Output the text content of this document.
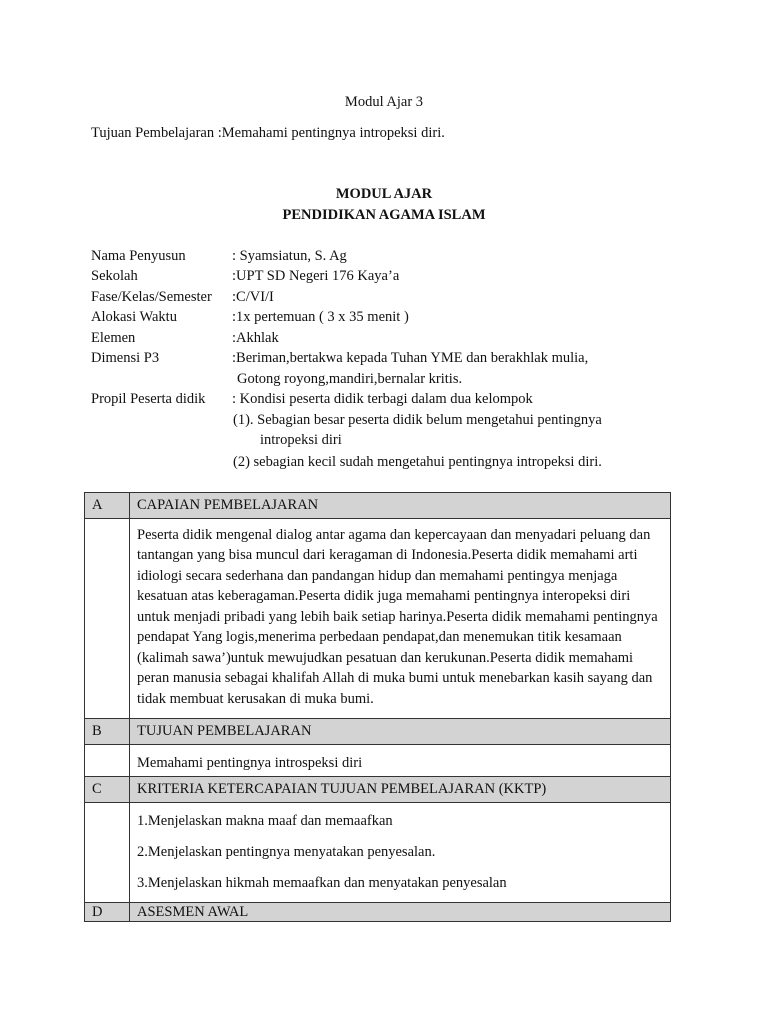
Modul Ajar 3
Tujuan Pembelajaran :Memahami pentingnya intropeksi diri.
MODUL AJAR
PENDIDIKAN AGAMA ISLAM
Nama Penyusun	: Syamsiatun, S. Ag
Sekolah	:UPT SD Negeri 176 Kaya’a
Fase/Kelas/Semester :C/VI/I
Alokasi Waktu	:1x pertemuan ( 3 x 35 menit )
Elemen	:Akhlak
Dimensi P3	:Beriman,bertakwa kepada Tuhan YME dan berakhlak mulia,
Gotong royong,mandiri,bernalar kritis.
Propil Peserta didik : Kondisi peserta didik terbagi dalam dua kelompok
(1). Sebagian besar peserta didik belum mengetahui pentingnya
intropeksi diri
(2) sebagian kecil sudah mengetahui pentingnya intropeksi diri.
A	CAPAIAN PEMBELAJARAN
	Peserta didik mengenal dialog antar agama dan kepercayaan dan menyadari peluang dan tantangan yang bisa muncul dari keragaman di Indonesia.Peserta didik memahami arti idiologi secara sederhana dan pandangan hidup dan memahami pentingya menjaga kesatuan atas keberagaman.Peserta didik juga memahami pentingnya interopeksi diri untuk menjadi pribadi yang lebih baik setiap harinya.Peserta didik memahami pentingnya pendapat Yang logis,menerima perbedaan pendapat,dan menemukan titik kesamaan (kalimah sawa’)untuk mewujudkan pesatuan dan kerukunan.Peserta didik memahami peran manusia sebagai khalifah Allah di muka bumi untuk menebarkan kasih sayang dan tidak membuat kerusakan di muka bumi.
B	TUJUAN PEMBELAJARAN
	Memahami pentingnya introspeksi diri
C	KRITERIA KETERCAPAIAN TUJUAN PEMBELAJARAN (KKTP)

	1.Menjelaskan makna maaf dan memaafkan
2.Menjelaskan pentingnya menyatakan penyesalan.
3.Menjelaskan hikmah memaafkan dan menyatakan penyesalan

D	ASESMEN AWAL
